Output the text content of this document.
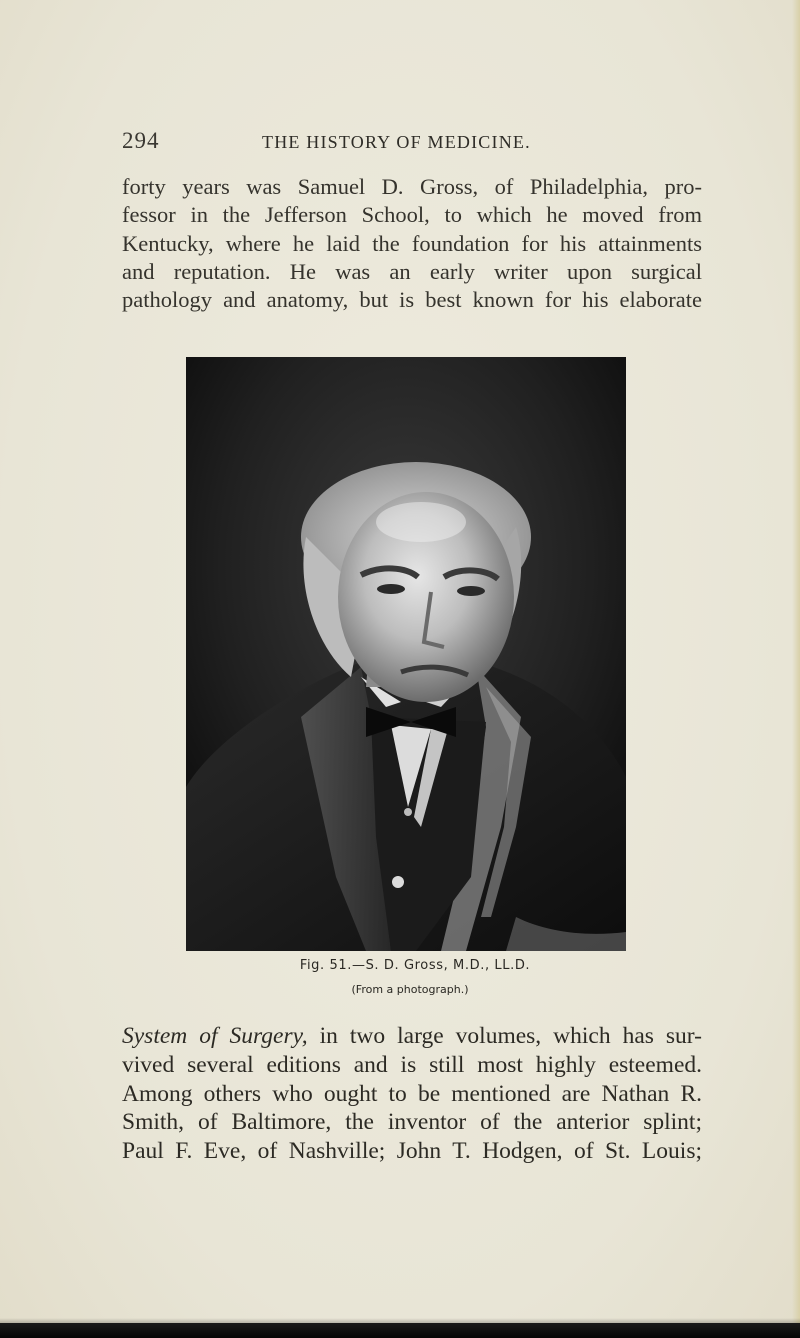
294	THE HISTORY OF MEDICINE.
forty years was Samuel D. Gross, of Philadelphia, pro-
fessor in the Jefferson School, to which he moved from
Kentucky, where he laid the foundation for his attainments
and reputation. He was an early writer upon surgical
pathology and anatomy, but is best known for his elaborate
Fig. 51.—S. D. Gross, M.D., LL.D.
(From a photograph.)
System of Surgery, in two large volumes, which has sur-
vived several editions and is still most highly esteemed.
Among others who ought to be mentioned are Nathan R.
Smith, of Baltimore, the inventor of the anterior splint;
Paul F. Eve, of Nashville; John T. Hodgen, of St. Louis;
